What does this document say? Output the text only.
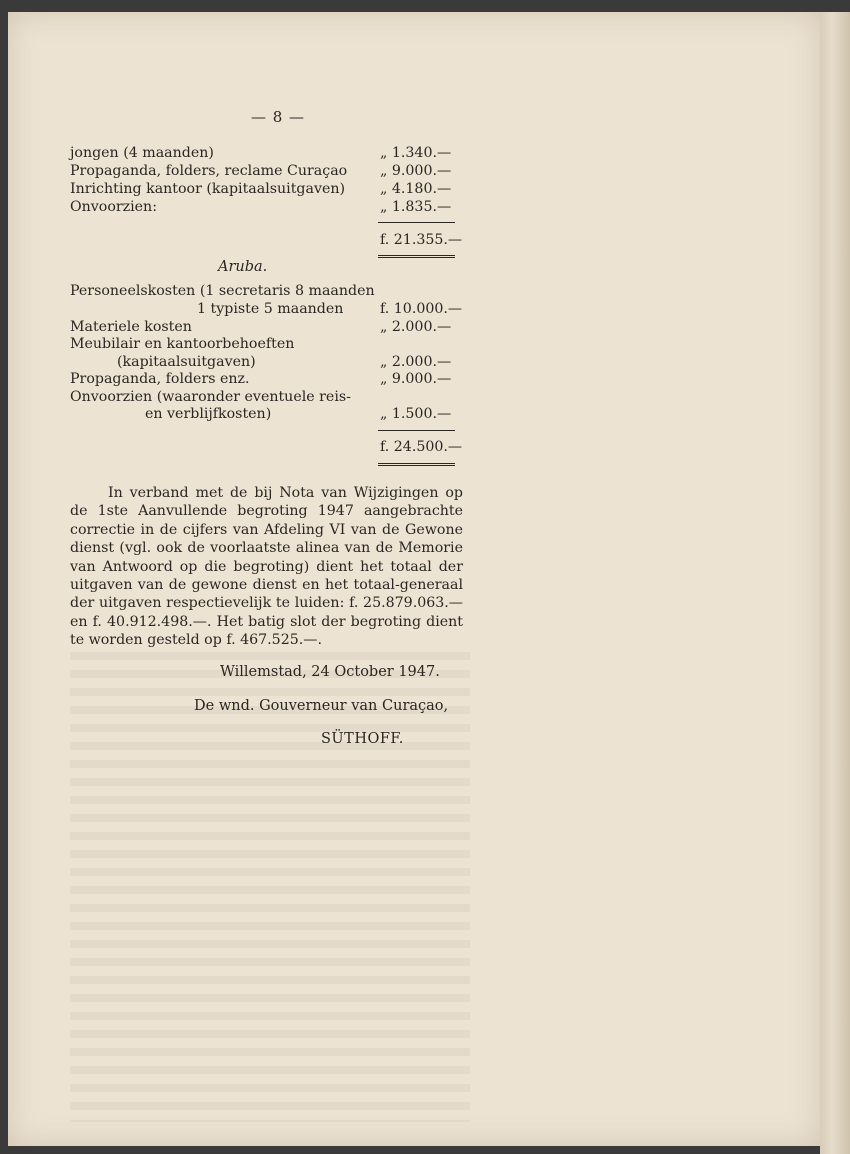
— 8 —
jongen (4 maanden)	„ 1.340.—
Propaganda, folders, reclame Curaçao „ 9.000.—
Inrichting kantoor (kapitaalsuitgaven) „ 4.180.—
Onvoorzien:	„ 1.835.—
f. 21.355.—
Aruba.
Personeelskosten (1 secretaris 8 maanden
1 typiste 5 maanden	f. 10.000.—
Materiele kosten	„ 2.000.—
Meubilair en kantoorbehoeften
(kapitaalsuitgaven)	„ 2.000.—
Propaganda, folders enz.	„ 9.000.—
Onvoorzien (waaronder eventuele reis-
en verblijfkosten)	„ 1.500.—
f. 24.500.—

In verband met de bij Nota van Wijzigingen op de 1ste Aanvullende begroting 1947 aangebrachte correctie in de cijfers van Afdeling VI van de Gewone dienst (vgl. ook de voorlaatste alinea van de Memorie van Antwoord op die begroting) dient het totaal der uitgaven van de gewone dienst en het totaal-generaal der uitgaven respectievelijk te luiden: f. 25.879.063.— en f. 40.912.498.—. Het batig slot der begroting dient te worden gesteld op f. 467.525.—.

Willemstad, 24 October 1947.
De wnd. Gouverneur van Curaçao,
SÜTHOFF.
